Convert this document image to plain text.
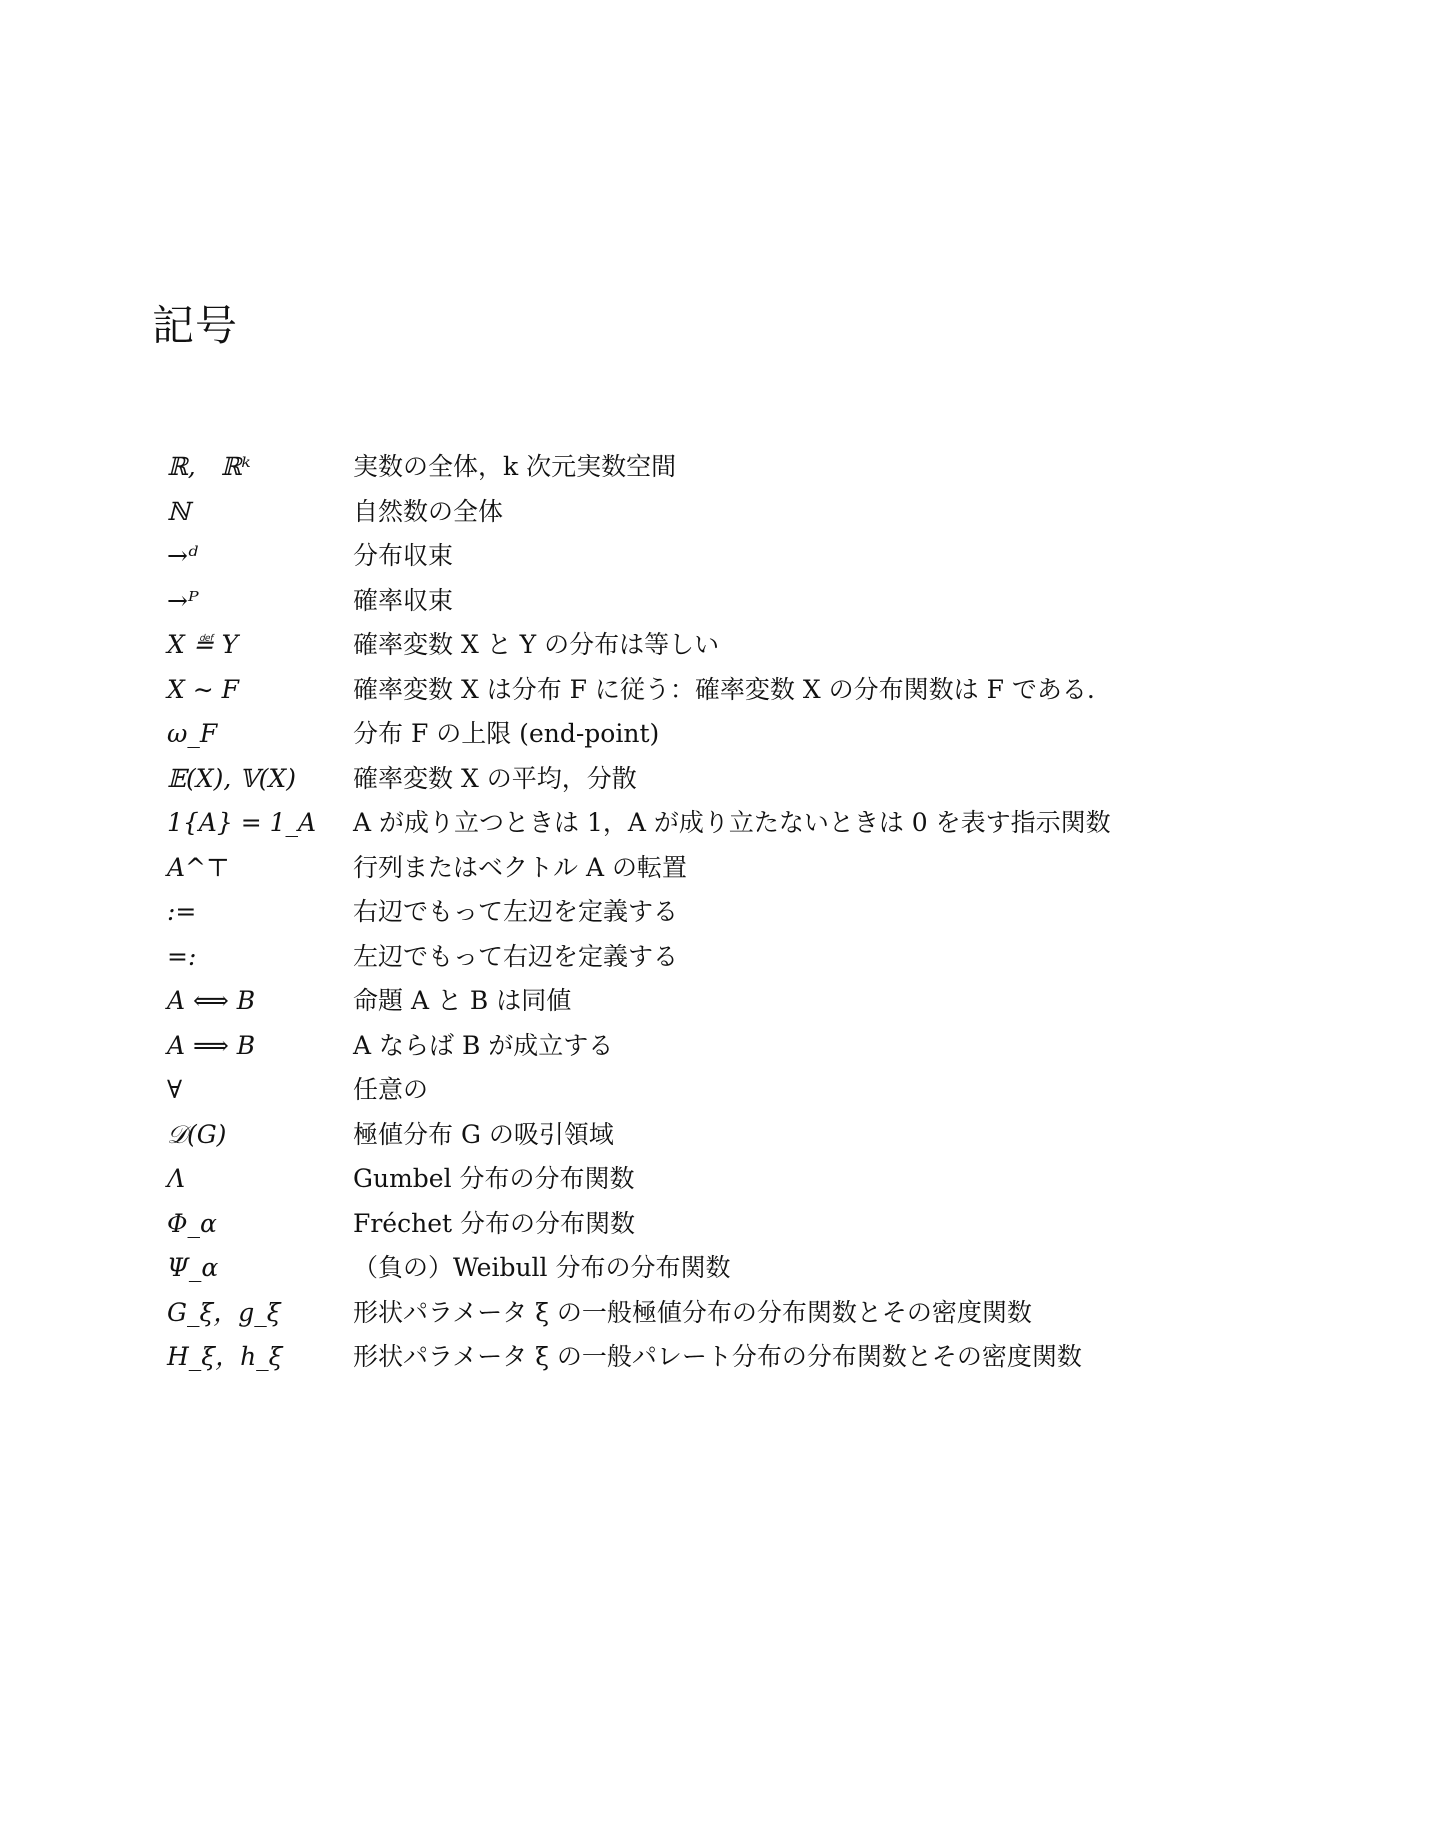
記号
ℝ,　ℝᵏ	実数の全体，k 次元実数空間
ℕ	自然数の全体
→ᵈ	分布収束
→ᴾ	確率収束
X ≝ Y	確率変数 X と Y の分布は等しい
X ∼ F	確率変数 X は分布 F に従う：確率変数 X の分布関数は F である.
ω_F	分布 F の上限 (end-point)
𝔼(X), 𝕍(X)	確率変数 X の平均，分散
1{A} = 1_A	A が成り立つときは 1，A が成り立たないときは 0 を表す指示関数
A^⊤	行列またはベクトル A の転置
:=	右辺でもって左辺を定義する
=:	左辺でもって右辺を定義する
A ⟺ B	命題 A と B は同値
A ⟹ B	A ならば B が成立する
∀	任意の
𝒟(G)	極値分布 G の吸引領域
Λ	Gumbel 分布の分布関数
Φ_α	Fréchet 分布の分布関数
Ψ_α	（負の）Weibull 分布の分布関数
G_ξ，g_ξ	形状パラメータ ξ の一般極値分布の分布関数とその密度関数
H_ξ，h_ξ	形状パラメータ ξ の一般パレート分布の分布関数とその密度関数
